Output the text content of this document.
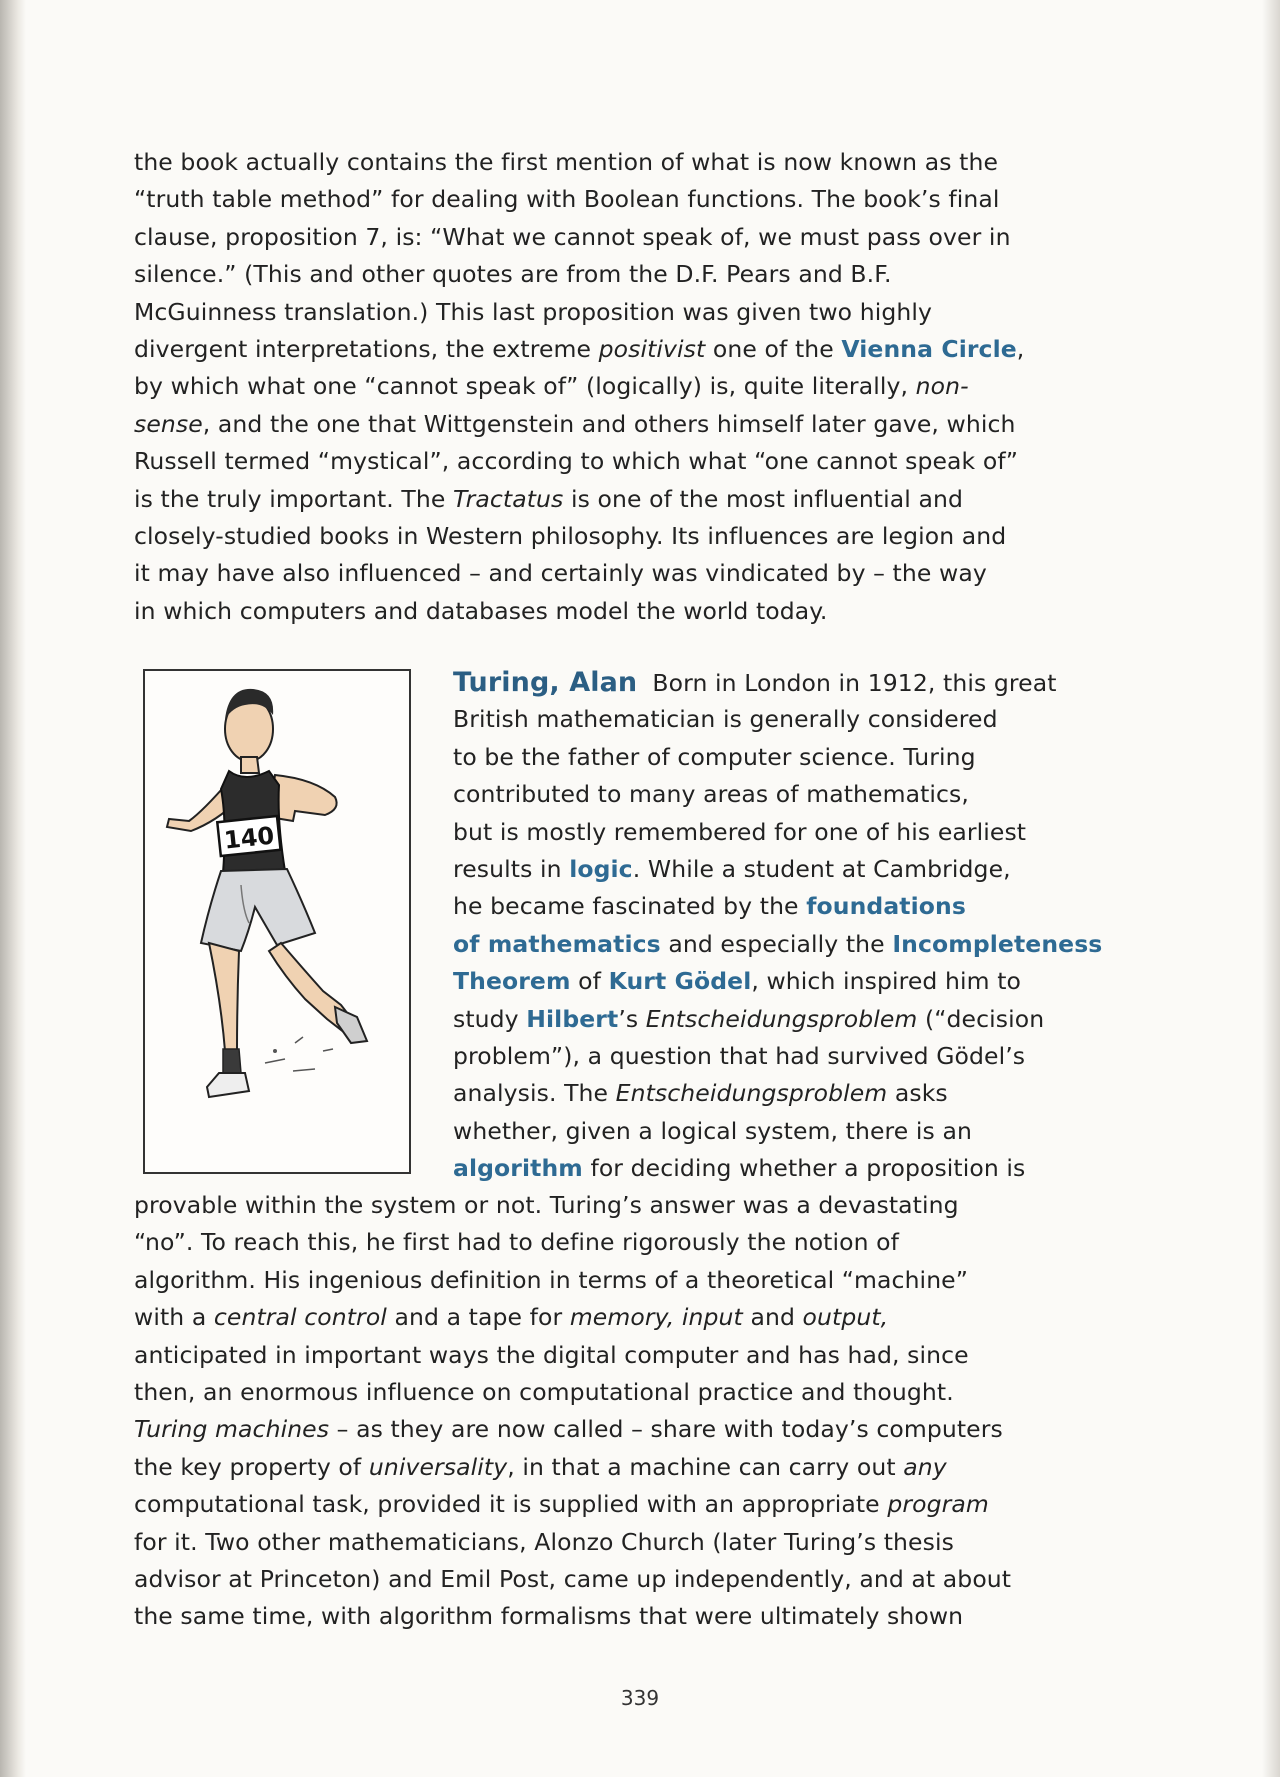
the book actually contains the first mention of what is now known as the
“truth table method” for dealing with Boolean functions. The book’s final
clause, proposition 7, is: “What we cannot speak of, we must pass over in
silence.” (This and other quotes are from the D.F. Pears and B.F.
McGuinness translation.) This last proposition was given two highly
divergent interpretations, the extreme positivist one of the Vienna Circle,
by which what one “cannot speak of” (logically) is, quite literally, non-
sense, and the one that Wittgenstein and others himself later gave, which
Russell termed “mystical”, according to which what “one cannot speak of”
is the truly important. The Tractatus is one of the most influential and
closely-studied books in Western philosophy. Its influences are legion and
it may have also influenced – and certainly was vindicated by – the way
in which computers and databases model the world today.
140
Turing, Alan Born in London in 1912, this great
British mathematician is generally considered
to be the father of computer science. Turing
contributed to many areas of mathematics,
but is mostly remembered for one of his earliest
results in logic. While a student at Cambridge,
he became fascinated by the foundations
of mathematics and especially the Incompleteness
Theorem of Kurt Gödel, which inspired him to
study Hilbert’s Entscheidungsproblem (“decision
problem”), a question that had survived Gödel’s
analysis. The Entscheidungsproblem asks
whether, given a logical system, there is an
algorithm for deciding whether a proposition is
provable within the system or not. Turing’s answer was a devastating
“no”. To reach this, he first had to define rigorously the notion of
algorithm. His ingenious definition in terms of a theoretical “machine”
with a central control and a tape for memory, input and output,
anticipated in important ways the digital computer and has had, since
then, an enormous influence on computational practice and thought.
Turing machines – as they are now called – share with today’s computers
the key property of universality, in that a machine can carry out any
computational task, provided it is supplied with an appropriate program
for it. Two other mathematicians, Alonzo Church (later Turing’s thesis
advisor at Princeton) and Emil Post, came up independently, and at about
the same time, with algorithm formalisms that were ultimately shown
339
